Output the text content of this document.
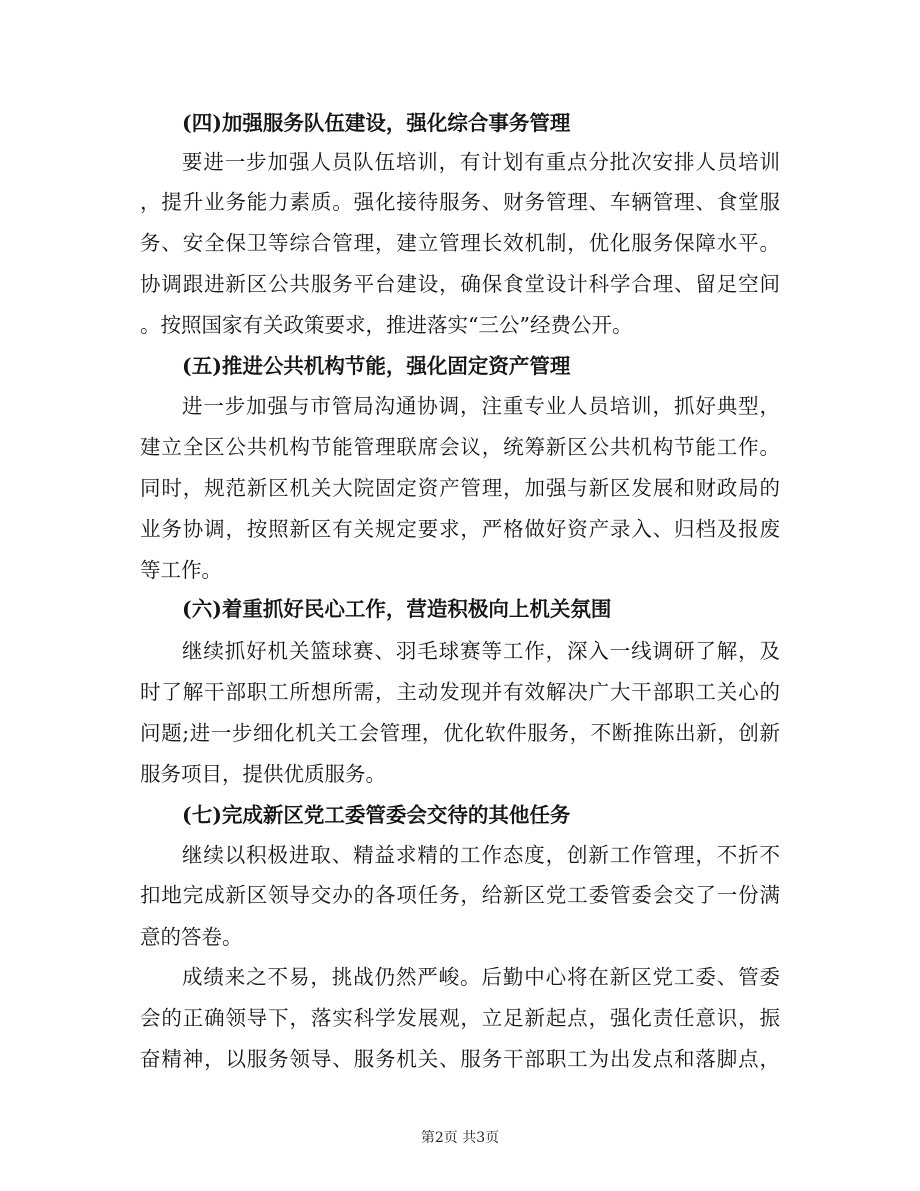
(四)加强服务队伍建设，强化综合事务管理

要进一步加强人员队伍培训，有计划有重点分批次安排人员培训

，提升业务能力素质。强化接待服务、财务管理、车辆管理、食堂服

务、安全保卫等综合管理，建立管理长效机制，优化服务保障水平。

协调跟进新区公共服务平台建设，确保食堂设计科学合理、留足空间

。按照国家有关政策要求，推进落实“三公”经费公开。

(五)推进公共机构节能，强化固定资产管理

进一步加强与市管局沟通协调，注重专业人员培训，抓好典型，

建立全区公共机构节能管理联席会议，统筹新区公共机构节能工作。

同时，规范新区机关大院固定资产管理，加强与新区发展和财政局的

业务协调，按照新区有关规定要求，严格做好资产录入、归档及报废

等工作。

(六)着重抓好民心工作，营造积极向上机关氛围

继续抓好机关篮球赛、羽毛球赛等工作，深入一线调研了解，及

时了解干部职工所想所需，主动发现并有效解决广大干部职工关心的

问题;进一步细化机关工会管理，优化软件服务，不断推陈出新，创新

服务项目，提供优质服务。

(七)完成新区党工委管委会交待的其他任务

继续以积极进取、精益求精的工作态度，创新工作管理，不折不

扣地完成新区领导交办的各项任务，给新区党工委管委会交了一份满

意的答卷。

成绩来之不易，挑战仍然严峻。后勤中心将在新区党工委、管委

会的正确领导下，落实科学发展观，立足新起点，强化责任意识，振

奋精神，以服务领导、服务机关、服务干部职工为出发点和落脚点，

第2页 共3页
